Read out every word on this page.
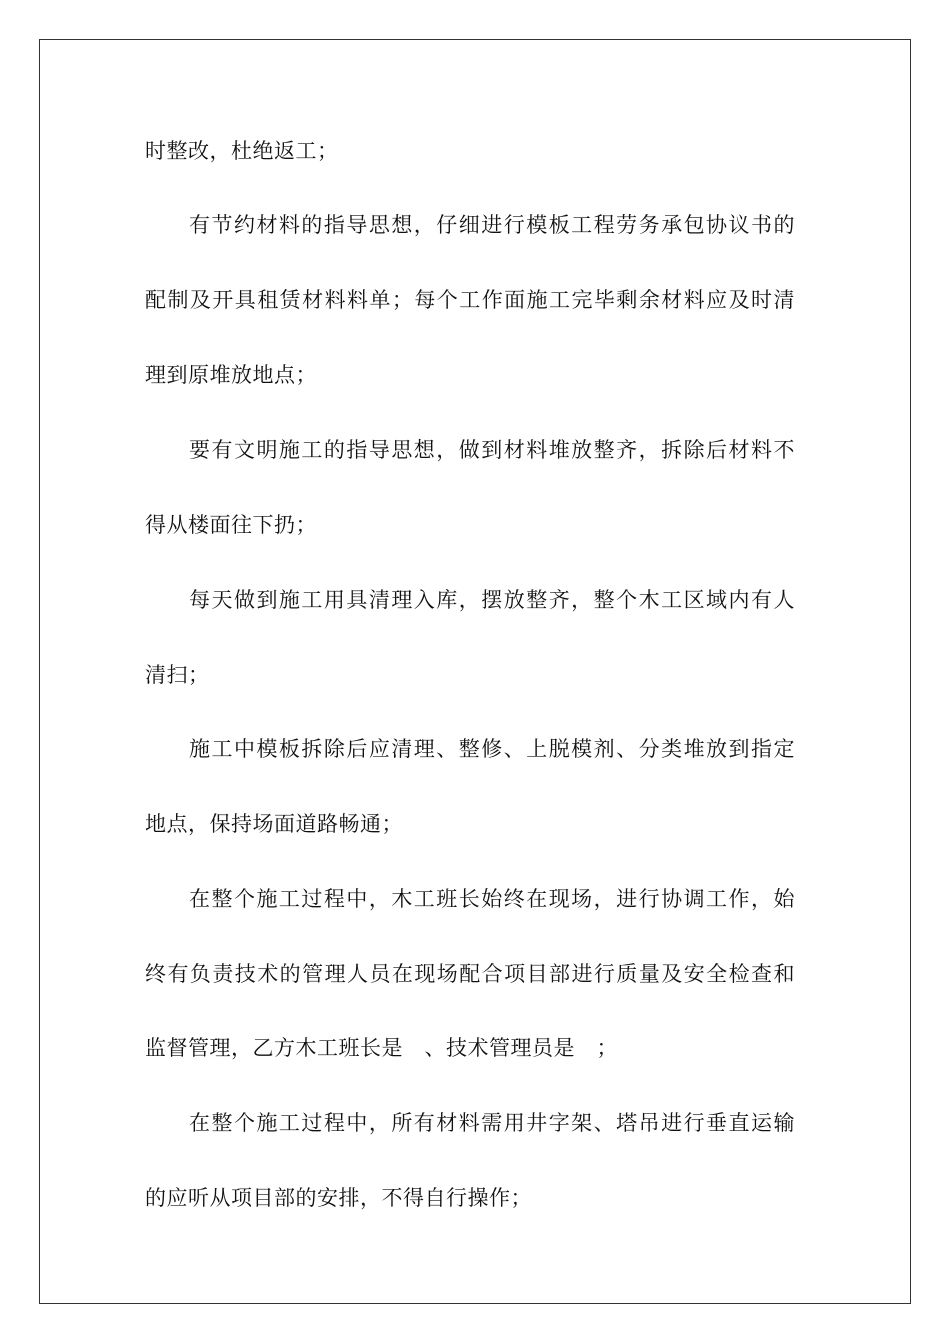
时整改，杜绝返工；
有节约材料的指导思想，仔细进行模板工程劳务承包协议书的
配制及开具租赁材料料单；每个工作面施工完毕剩余材料应及时清
理到原堆放地点；
要有文明施工的指导思想，做到材料堆放整齐，拆除后材料不
得从楼面往下扔；
每天做到施工用具清理入库，摆放整齐，整个木工区域内有人
清扫；
施工中模板拆除后应清理、整修、上脱模剂、分类堆放到指定
地点，保持场面道路畅通；
在整个施工过程中，木工班长始终在现场，进行协调工作，始
终有负责技术的管理人员在现场配合项目部进行质量及安全检查和
监督管理，乙方木工班长是　、技术管理员是　；
在整个施工过程中，所有材料需用井字架、塔吊进行垂直运输
的应听从项目部的安排，不得自行操作；
